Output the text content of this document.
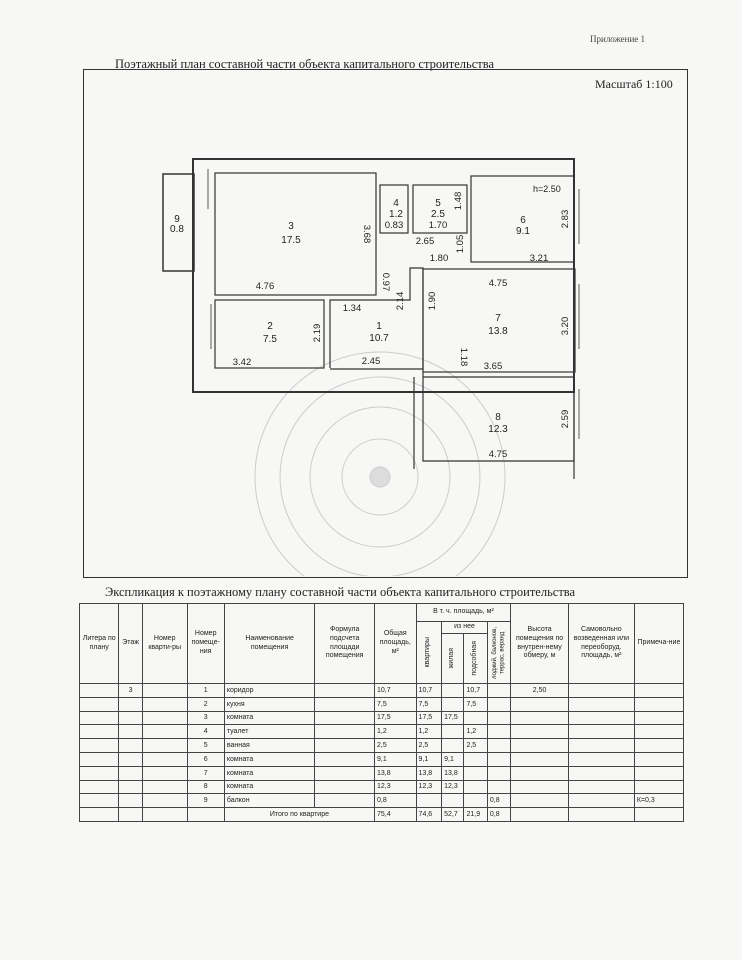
Приложение 1
Поэтажный план составной части объекта капитального строительства
Масштаб 1:100
h=2.50
3
17.5
4
1.2
5
2.5
6
9.1
2
7.5
1
10.7
7
13.8
8
12.3
9
0.8	3.68
4.76
0.83
1.48
1.70
2.65
2.83
1.05
1.80	3.21
0.97
2.14 1.90
4.75
3.20
1.34
2.19
3.42	2.45	1.18
3.65
2.59
4.75
Экспликация к поэтажному плану составной части объекта капитального строительства
Литера по плану	Этаж	Номер кварти-ры	Номер помеще-ния	Наименование помещения	Формула подсчета площади помещения	Общая площадь, м²	В т. ч. площадь, м²				Высота помещения по внутрен-нему обмеру, м	Самовольно возведенная или переоборуд. площадь, м²	Примеча-ние

							квартиры	из нее		лоджий, балконов, террас, веранд			

								жилая	подсобная				

	3		1	коридор		10,7	10,7		10,7		2,50		
			2	кухня		7,5	7,5		7,5				
			3	комната		17,5	17,5	17,5					
			4	туалет		1,2	1,2		1,2				
			5	ванная		2,5	2,5		2,5				
			6	комната		9,1	9,1	9,1					
			7	комната		13,8	13,8	13,8					
			8	комната		12,3	12,3	12,3					
			9	балкон		0,8				0,8			К=0,3
				Итого по квартире		75,4	74,6	52,7	21,9	0,8			
